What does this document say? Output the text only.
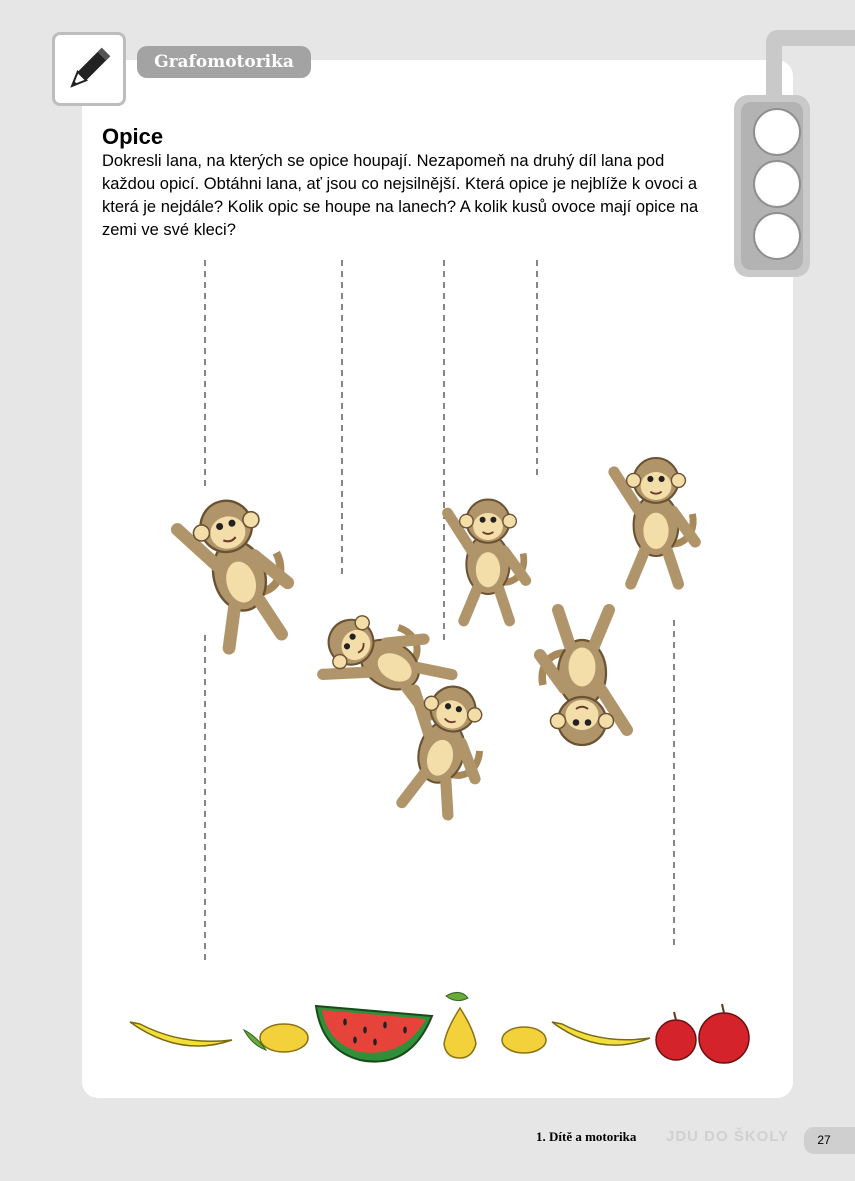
Grafomotorika
Opice

Dokresli lana, na kterých se opice houpají. Nezapomeň na druhý díl lana pod každou opicí. Obtáhni lana, ať jsou co nejsilnější. Která opice je nejblíže k ovoci a která je nejdále? Kolik opic se houpe na lanech? A kolik kusů ovoce mají opice na zemi ve své kleci?

1. Dítě a motorika JDU DO ŠKOLY	27
